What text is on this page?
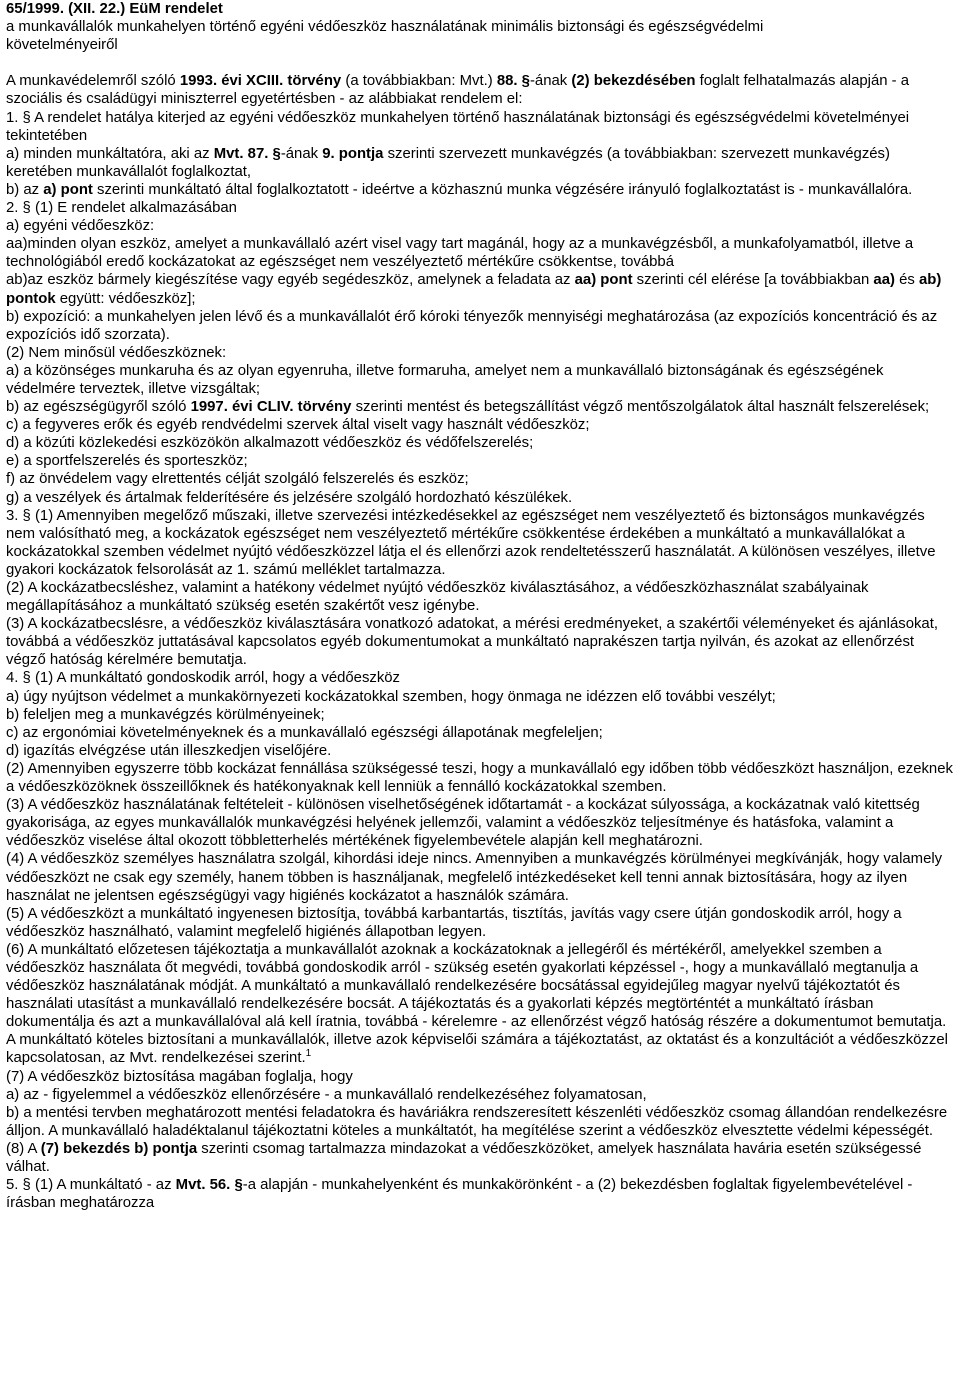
65/1999. (XII. 22.) EüM rendelet

a munkavállalók munkahelyen történő egyéni védőeszköz használatának minimális biztonsági és egészségvédelmi

követelményeiről

A munkavédelemről szóló 1993. évi XCIII. törvény (a továbbiakban: Mvt.) 88. §-ának (2) bekezdésében foglalt felhatalmazás alapján - a szociális és családügyi miniszterrel egyetértésben - az alábbiakat rendelem el:

1. § A rendelet hatálya kiterjed az egyéni védőeszköz munkahelyen történő használatának biztonsági és egészségvédelmi követelményei tekintetében

a) minden munkáltatóra, aki az Mvt. 87. §-ának 9. pontja szerinti szervezett munkavégzés (a továbbiakban: szervezett munkavégzés) keretében munkavállalót foglalkoztat,

b) az a) pont szerinti munkáltató által foglalkoztatott - ideértve a közhasznú munka végzésére irányuló foglalkoztatást is - munkavállalóra.

2. § (1) E rendelet alkalmazásában

a) egyéni védőeszköz:

aa)minden olyan eszköz, amelyet a munkavállaló azért visel vagy tart magánál, hogy az a munkavégzésből, a munkafolyamatból, illetve a technológiából eredő kockázatokat az egészséget nem veszélyeztető mértékűre csökkentse, továbbá

ab)az eszköz bármely kiegészítése vagy egyéb segédeszköz, amelynek a feladata az aa) pont szerinti cél elérése [a továbbiakban aa) és ab) pontok együtt: védőeszköz];

b) expozíció: a munkahelyen jelen lévő és a munkavállalót érő kóroki tényezők mennyiségi meghatározása (az expozíciós koncentráció és az expozíciós idő szorzata).

(2) Nem minősül védőeszköznek:

a) a közönséges munkaruha és az olyan egyenruha, illetve formaruha, amelyet nem a munkavállaló biztonságának és egészségének védelmére terveztek, illetve vizsgáltak;

b) az egészségügyről szóló 1997. évi CLIV. törvény szerinti mentést és betegszállítást végző mentőszolgálatok által használt felszerelések;

c) a fegyveres erők és egyéb rendvédelmi szervek által viselt vagy használt védőeszköz;

d) a közúti közlekedési eszközökön alkalmazott védőeszköz és védőfelszerelés;

e) a sportfelszerelés és sporteszköz;

f) az önvédelem vagy elrettentés célját szolgáló felszerelés és eszköz;

g) a veszélyek és ártalmak felderítésére és jelzésére szolgáló hordozható készülékek.

3. § (1) Amennyiben megelőző műszaki, illetve szervezési intézkedésekkel az egészséget nem veszélyeztető és biztonságos munkavégzés nem valósítható meg, a kockázatok egészséget nem veszélyeztető mértékűre csökkentése érdekében a munkáltató a munkavállalókat a kockázatokkal szemben védelmet nyújtó védőeszközzel látja el és ellenőrzi azok rendeltetésszerű használatát. A különösen veszélyes, illetve gyakori kockázatok felsorolását az 1. számú melléklet tartalmazza.

(2) A kockázatbecsléshez, valamint a hatékony védelmet nyújtó védőeszköz kiválasztásához, a védőeszközhasználat szabályainak megállapításához a munkáltató szükség esetén szakértőt vesz igénybe.

(3) A kockázatbecslésre, a védőeszköz kiválasztására vonatkozó adatokat, a mérési eredményeket, a szakértői véleményeket és ajánlásokat, továbbá a védőeszköz juttatásával kapcsolatos egyéb dokumentumokat a munkáltató naprakészen tartja nyilván, és azokat az ellenőrzést végző hatóság kérelmére bemutatja.

4. § (1) A munkáltató gondoskodik arról, hogy a védőeszköz

a) úgy nyújtson védelmet a munkakörnyezeti kockázatokkal szemben, hogy önmaga ne idézzen elő további veszélyt;

b) feleljen meg a munkavégzés körülményeinek;

c) az ergonómiai követelményeknek és a munkavállaló egészségi állapotának megfeleljen;

d) igazítás elvégzése után illeszkedjen viselőjére.

(2) Amennyiben egyszerre több kockázat fennállása szükségessé teszi, hogy a munkavállaló egy időben több védőeszközt használjon, ezeknek a védőeszközöknek összeillőknek és hatékonyaknak kell lenniük a fennálló kockázatokkal szemben.

(3) A védőeszköz használatának feltételeit - különösen viselhetőségének időtartamát - a kockázat súlyossága, a kockázatnak való kitettség gyakorisága, az egyes munkavállalók munkavégzési helyének jellemzői, valamint a védőeszköz teljesítménye és hatásfoka, valamint a védőeszköz viselése által okozott többletterhelés mértékének figyelembevétele alapján kell meghatározni.

(4) A védőeszköz személyes használatra szolgál, kihordási ideje nincs. Amennyiben a munkavégzés körülményei megkívánják, hogy valamely védőeszközt ne csak egy személy, hanem többen is használjanak, megfelelő intézkedéseket kell tenni annak biztosítására, hogy az ilyen használat ne jelentsen egészségügyi vagy higiénés kockázatot a használók számára.

(5) A védőeszközt a munkáltató ingyenesen biztosítja, továbbá karbantartás, tisztítás, javítás vagy csere útján gondoskodik arról, hogy a védőeszköz használható, valamint megfelelő higiénés állapotban legyen.

(6) A munkáltató előzetesen tájékoztatja a munkavállalót azoknak a kockázatoknak a jellegéről és mértékéről, amelyekkel szemben a védőeszköz használata őt megvédi, továbbá gondoskodik arról - szükség esetén gyakorlati képzéssel -, hogy a munkavállaló megtanulja a védőeszköz használatának módját. A munkáltató a munkavállaló rendelkezésére bocsátással egyidejűleg magyar nyelvű tájékoztatót és használati utasítást a munkavállaló rendelkezésére bocsát. A tájékoztatás és a gyakorlati képzés megtörténtét a munkáltató írásban dokumentálja és azt a munkavállalóval alá kell íratnia, továbbá - kérelemre - az ellenőrzést végző hatóság részére a dokumentumot bemutatja. A munkáltató köteles biztosítani a munkavállalók, illetve azok képviselői számára a tájékoztatást, az oktatást és a konzultációt a védőeszközzel kapcsolatosan, az Mvt. rendelkezései szerint.$^1$

(7) A védőeszköz biztosítása magában foglalja, hogy

a) az - figyelemmel a védőeszköz ellenőrzésére - a munkavállaló rendelkezéséhez folyamatosan,

b) a mentési tervben meghatározott mentési feladatokra és haváriákra rendszeresített készenléti védőeszköz csomag állandóan rendelkezésre álljon. A munkavállaló haladéktalanul tájékoztatni köteles a munkáltatót, ha megítélése szerint a védőeszköz elvesztette védelmi képességét.

(8) A (7) bekezdés b) pontja szerinti csomag tartalmazza mindazokat a védőeszközöket, amelyek használata havária esetén szükségessé válhat.

5. § (1) A munkáltató - az Mvt. 56. §-a alapján - munkahelyenként és munkakörönként - a (2) bekezdésben foglaltak figyelembevételével - írásban meghatározza
